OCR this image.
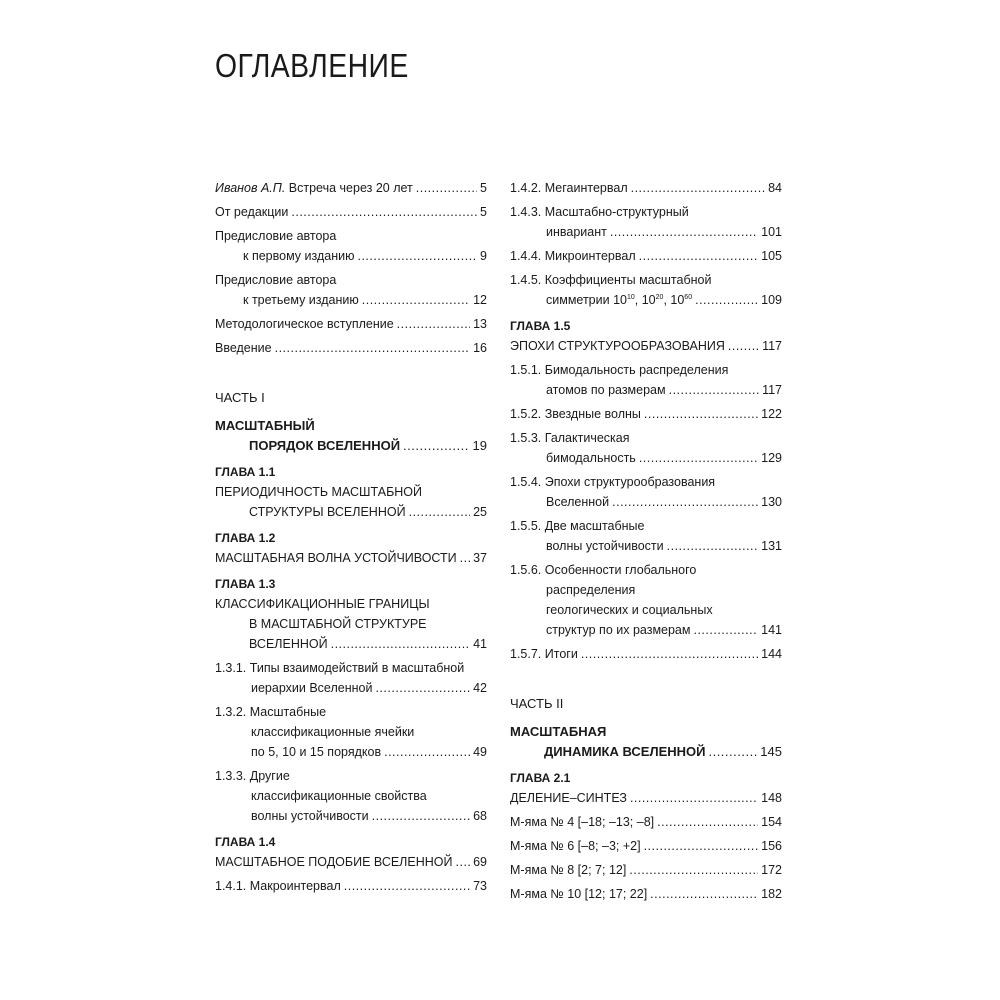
ОГЛАВЛЕНИЕ
Иванов А.П. Встреча через 20 лет .....	5
От редакции .....	5
Предисловие автора
к первому изданию .....	9
Предисловие автора
к третьему изданию .....	12
Методологическое вступление .....	13
Введение .....	16
ЧАСТЬ I
МАСШТАБНЫЙ
ПОРЯДОК ВСЕЛЕННОЙ .....	19
ГЛАВА 1.1
ПЕРИОДИЧНОСТЬ МАСШТАБНОЙ
СТРУКТУРЫ ВСЕЛЕННОЙ .....	25
ГЛАВА 1.2
МАСШТАБНАЯ ВОЛНА УСТОЙЧИВОСТИ ..... 37
ГЛАВА 1.3
КЛАССИФИКАЦИОННЫЕ ГРАНИЦЫ
В МАСШТАБНОЙ СТРУКТУРЕ
ВСЕЛЕННОЙ .....	41
1.3.1. Типы взаимодействий в масштабной
иерархии Вселенной .....	42
1.3.2. Масштабные
классификационные ячейки
по 5, 10 и 15 порядков .....	49
1.3.3. Другие
классификационные свойства
волны устойчивости .....	68
ГЛАВА 1.4
МАСШТАБНОЕ ПОДОБИЕ ВСЕЛЕННОЙ ..... 69
1.4.1. Макроинтервал .....	73
1.4.2. Мегаинтервал .....	84
1.4.3. Масштабно-структурный
инвариант .....	101
1.4.4. Микроинтервал .....	105
1.4.5. Коэффициенты масштабной
симметрии $10^{10}$, $10^{20}$, $10^{60}$ .....	109
ГЛАВА 1.5
ЭПОХИ СТРУКТУРООБРАЗОВАНИЯ .....	117
1.5.1. Бимодальность распределения
атомов по размерам .....	117
1.5.2. Звездные волны .....	122
1.5.3. Галактическая
бимодальность .....	129
1.5.4. Эпохи структурообразования
Вселенной .....	130
1.5.5. Две масштабные
волны устойчивости .....	131
1.5.6. Особенности глобального
распределения
геологических и социальных
структур по их размерам .....	141
1.5.7. Итоги .....	144
ЧАСТЬ II
МАСШТАБНАЯ
ДИНАМИКА ВСЕЛЕННОЙ .....	145
ГЛАВА 2.1
ДЕЛЕНИЕ–СИНТЕЗ .....	148
М-яма № 4 [–18; –13; –8] .....	154
М-яма № 6 [–8; –3; +2] .....	156
М-яма № 8 [2; 7; 12] .....	172
М-яма № 10 [12; 17; 22] .....	182
